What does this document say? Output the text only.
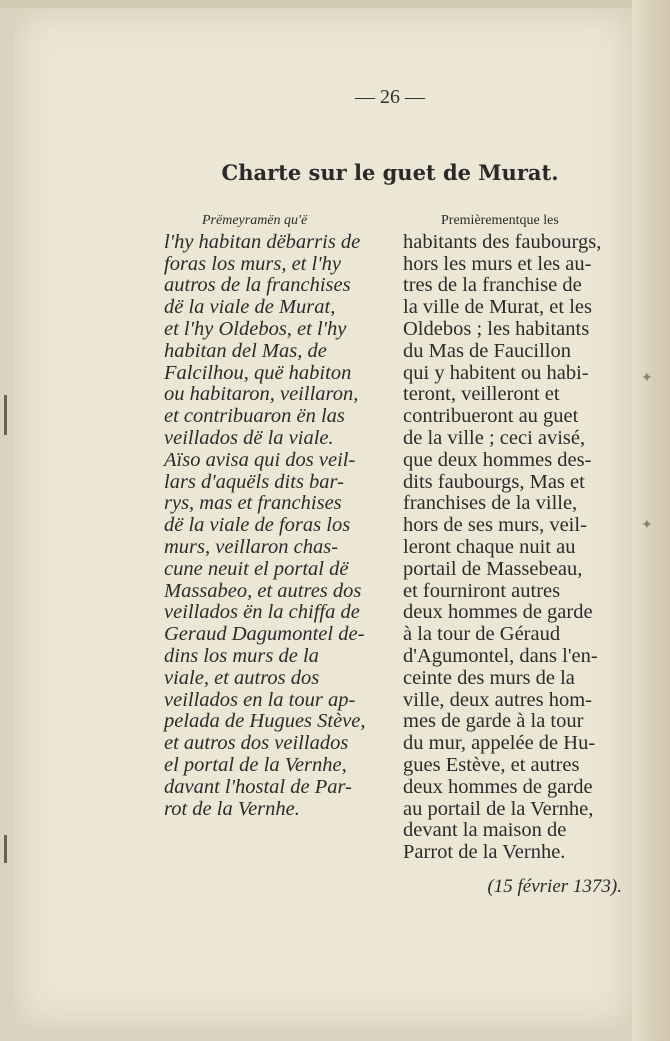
✦
✦
— 26 —
Charte sur le guet de Murat.
Prëmeyramën qu'ë
l'hy habitan dëbarris de
foras los murs, et l'hy
autros de la franchises
dë la viale de Murat,
et l'hy Oldebos, et l'hy
habitan del Mas, de
Falcilhou, quë habiton
ou habitaron, veillaron,
et contribuaron ën las
veillados dë la viale.
Aïso avisa qui dos veil-
lars d'aquëls dits bar-
rys, mas et franchises
dë la viale de foras los
murs, veillaron chas-
cune neuit el portal dë
Massabeo, et autres dos
veillados ën la chiffa de
Geraud Dagumontel de-
dins los murs de la
viale, et autros dos
veillados en la tour ap-
pelada de Hugues Stève,
et autros dos veillados
el portal de la Vernhe,
davant l'hostal de Par-
rot de la Vernhe.
Premièrementque les
habitants des faubourgs,
hors les murs et les au-
tres de la franchise de
la ville de Murat, et les
Oldebos ; les habitants
du Mas de Faucillon
qui y habitent ou habi-
teront, veilleront et
contribueront au guet
de la ville ; ceci avisé,
que deux hommes des-
dits faubourgs, Mas et
franchises de la ville,
hors de ses murs, veil-
leront chaque nuit au
portail de Massebeau,
et fourniront autres
deux hommes de garde
à la tour de Géraud
d'Agumontel, dans l'en-
ceinte des murs de la
ville, deux autres hom-
mes de garde à la tour
du mur, appelée de Hu-
gues Estève, et autres
deux hommes de garde
au portail de la Vernhe,
devant la maison de
Parrot de la Vernhe.
(15 février 1373).
